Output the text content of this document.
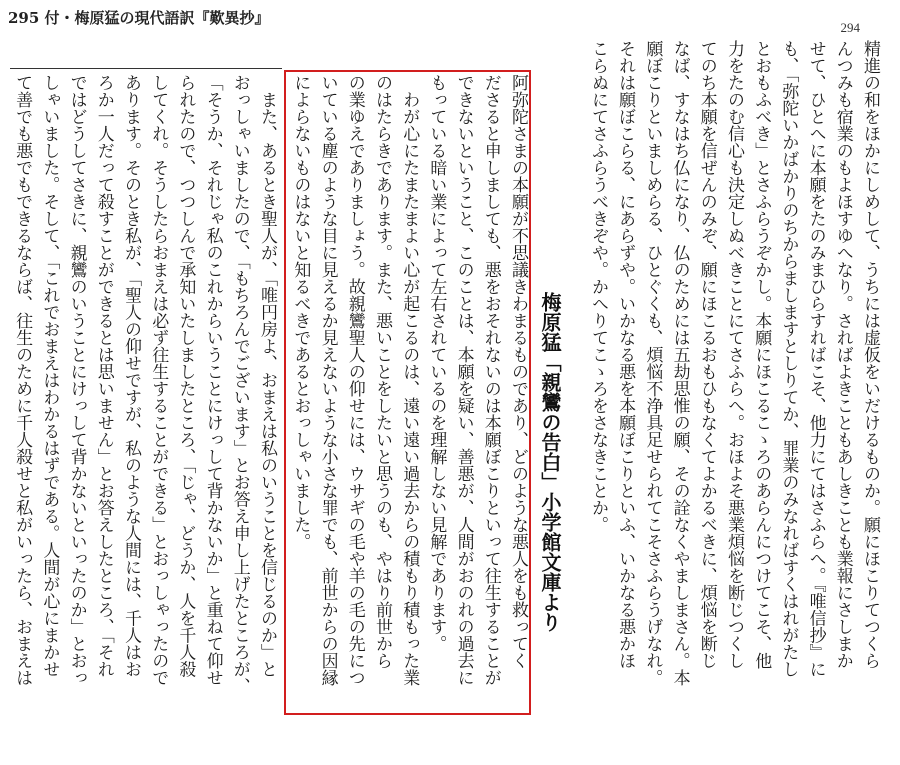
295 付・梅原猛の現代語訳『歎異抄』
294
精進の和をほかにしめして、うちには虚仮をいだけるものか。願にほこりてつくら
んつみも宿業のもよほすゆへなり。さればよきこともあしきことも業報にさしまか
せて、ひとへに本願をたのみまひらすればこそ、他力にてはさふらへ。『唯信抄』に
も、「弥陀いかばかりのちからましますとしりてか、罪業のみなればすくはれがたし
とおもふべき」とさふらうぞかし。本願にほこるこゝろのあらんにつけてこそ、他
力をたのむ信心も決定しぬべきことにてさふらへ。おほよそ悪業煩悩を断じつくし
てのち本願を信ぜんのみぞ、願にほこるおもひもなくてよかるべきに、煩悩を断じ
なば、すなはち仏になり、仏のためには五劫思惟の願、その詮なくやましまさん。本
願ぼこりといましめらる、ひとぐくも、煩悩不浄具足せられてこそさふらうげなれ。
それは願ぼこらる、にあらずや。いかなる悪を本願ぼこりといふ、いかなる悪かほ
こらぬにてさふらうべきぞや。かへりてこゝろをさなきことか。
阿弥陀さまの本願が不思議きわまるものであり、どのような悪人をも救ってく
ださると申しましても、悪をおそれないのは本願ぼこりといって往生することが
できないということ、このことは、本願を疑い、善悪が、人間がおのれの過去に
もっている暗い業によって左右されているのを理解しない見解であります。
　わが心にたまたまよい心が起こるのは、遠い遠い過去からの積もり積もった業
のはたらきであります。また、悪いことをしたいと思うのも、やはり前世から
の業ゆえでありましょう。故親鸞聖人の仰せには、ウサギの毛や羊の毛の先につ
いている塵のような目に見えるか見えないような小さな罪でも、前世からの因縁
によらないものはないと知るべきであるとおっしゃいました。
　また、あるとき聖人が、「唯円房よ、おまえは私のいうことを信じるのか」と
おっしゃいましたので、「もちろんでございます」とお答え申し上げたところが、
「そうか、それじゃ私のこれからいうことにけっして背かないか」と重ねて仰せ
られたので、つつしんで承知いたしましたところ、「じゃ、どうか、人を千人殺
してくれ。そうしたらおまえは必ず往生することができる」とおっしゃったので
あります。そのとき私が、「聖人の仰せですが、私のような人間には、千人はお
ろか一人だって殺すことができるとは思いません」とお答えしたところ、「それ
ではどうしてさきに、親鸞のいうことにけっして背かないといったのか」とおっ
しゃいました。そして、「これでおまえはわかるはずである。人間が心にまかせ
て善でも悪でもできるならば、往生のために千人殺せと私がいったら、おまえは	梅原猛「親鸞の告白」小学館文庫より
